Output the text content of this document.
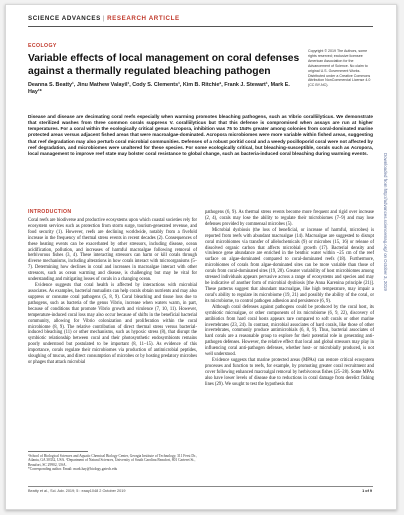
SCIENCE ADVANCES | RESEARCH ARTICLE
ECOLOGY
Variable effects of local management on coral defenses against a thermally regulated bleaching pathogen
Deanna S. Beatty¹, Jinu Mathew Valayil¹, Cody S. Clements¹, Kim B. Ritchie², Frank J. Stewart¹, Mark E. Hay¹*
Copyright © 2019 The Authors, some rights reserved; exclusive licensee American Association for the Advancement of Science. No claim to original U.S. Government Works. Distributed under a Creative Commons Attribution NonCommercial License 4.0 (CC BY-NC).
Disease and disease are decimating coral reefs especially when warming promotes bleaching pathogens, such as Vibrio coralliilyticus. We demonstrate that sterilized washes from three common corals suppress V. coralliilyticus but that this defense is compromised when assays are run at higher temperatures. For a coral within the ecologically critical genus Acropora, inhibition was 75 to 154% greater among colonies from coral-dominated marine protected areas versus adjacent fished areas that were macroalgae-dominated. Acropora microbiomes were more variable within fished areas, suggesting that reef degradation may also perturb coral microbial communities. Defenses of a robust poritid coral and a weedy pocilloporid coral were not affected by reef degradation, and microbiomes were unaltered for these species. For some ecologically critical, but bleaching-susceptible, corals such as Acropora, local management to improve reef state may bolster coral resistance to global change, such as bacteria-induced coral bleaching during warming events.
INTRODUCTION

Coral reefs are biodiverse and productive ecosystems upon which coastal societies rely for ecosystem services such as protection from storm surge, tourism-generated revenue, and food security (1). However, reefs are declining worldwide, notably from a fivefold increase in the frequency of thermal stress events in recent decades (2). Consequences of these heating events can be exacerbated by other stressors, including disease, ocean acidification, pollution, and increases of harmful macroalgae following removal of herbivorous fishes (3, 4). These interacting stressors can harm or kill corals through diverse mechanisms, including alterations in how corals interact with microorganisms (5–7). Determining how declines in coral and increases in macroalgae interact with other stressors, such as ocean warming and disease, is challenging but may be vital for understanding and mitigating losses of corals in a changing ocean.

Evidence suggests that coral health is affected by interactions with microbial associates. As examples, bacterial mutualists can help corals obtain nutrients and may also suppress or consume coral pathogens (5, 8, 9). Coral bleaching and tissue loss due to pathogens, such as bacteria of the genus Vibrio, increase when waters warm, in part, because of conditions that promote Vibrio growth and virulence (7, 10, 11). However, temperature-induced coral loss may also occur because of shifts in the beneficial bacterial community, allowing for Vibrio colonization and proliferation within the coral microbiome (8, 9). The relative contribution of direct thermal stress versus bacterial-induced bleaching (11) or other mechanisms, such as hypoxic stress (8), that disrupt the symbiotic relationship between coral and their photosynthetic endosymbionts remains poorly understood but postulated to be important (8, 11–15). As evidence of this importance, corals regulate their microbiomes via production of antimicrobial peptides, sloughing of mucus, and direct consumption of microbes or by hosting predatory microbes or phages that attack microbial

pathogens (6, 9). As thermal stress events become more frequent and rigid over increase (2, 4), corals may lose the ability to regulate their microbiomes (7–9) and may lose defenses provided by commensal microbes (5).

Microbial dysbiosis (the loss of beneficial, or increase of harmful, microbes) is reported from reefs with abundant macroalgae (14). Macroalgae are suggested to disrupt coral microbiomes via transfer of allelochemicals (9) or microbes (15, 16) or release of dissolved organic carbon that affects microbial growth (17). Bacterial density and virulence gene abundance are enriched in the benthic water within ~25 cm of the reef surface on algae-dominated compared to coral-dominated reefs (18). Furthermore, microbiomes of corals from algae-dominated sites can be more variable than those of corals from coral-dominated sites (19, 20). Greater variability of host microbiomes among stressed individuals appears pervasive across a range of ecosystems and species and may be indicative of another form of microbial dysbiosis [the Anna Karenina principle (21)]. These patterns suggest that abundant macroalgae, like high temperature, may impair a coral's ability to regulate its microbiome (19, 21) and possibly the ability of the coral, or its microbiome, to control pathogen adhesion and persistence (6, 9).

Although coral defenses against pathogens could be produced by the coral host, its symbiotic microalgae, or other components of its microbiome (6, 9, 22), discovery of antibiotics from hard coral hosts appears rare compared to soft corals or other marine invertebrates (23, 24). In contrast, microbial associates of hard corals, like those of other invertebrates, commonly produce antimicrobials (6, 8, 9). Thus, bacterial associates of hard corals are a reasonable group to explore for their potential role in generating anti-pathogen defenses. However, the relative effect that local and global stressors may play in influencing coral anti-pathogen defenses, whether host- or microbially produced, is not well understood.

Evidence suggests that marine protected areas (MPAs) can restore critical ecosystem processes and function to reefs, for example, by promoting greater coral recruitment and cover following enhanced macroalgal removal by herbivorous fishes (25–28). Some MPAs also have lower levels of disease due to reductions in coral damage from derelict fishing lines (29). We sought to test the hypothesis that

¹School of Biological Sciences and Aquatic Chemical Biology Center, Georgia Institute of Technology, 311 Ferst Dr., Atlanta, GA 30332, USA. ²Department of Natural Sciences, University of South Carolina Beaufort, 801 Carteret St., Beaufort, SC 29902, USA.

*Corresponding author. Email: mark.hay@biology.gatech.edu

Beatty et al., Sci. Adv. 2019; 5 : eaay1048 2 October 2019	1 of 9
Downloaded from http://advances.sciencemag.org/ on October 3, 2019
